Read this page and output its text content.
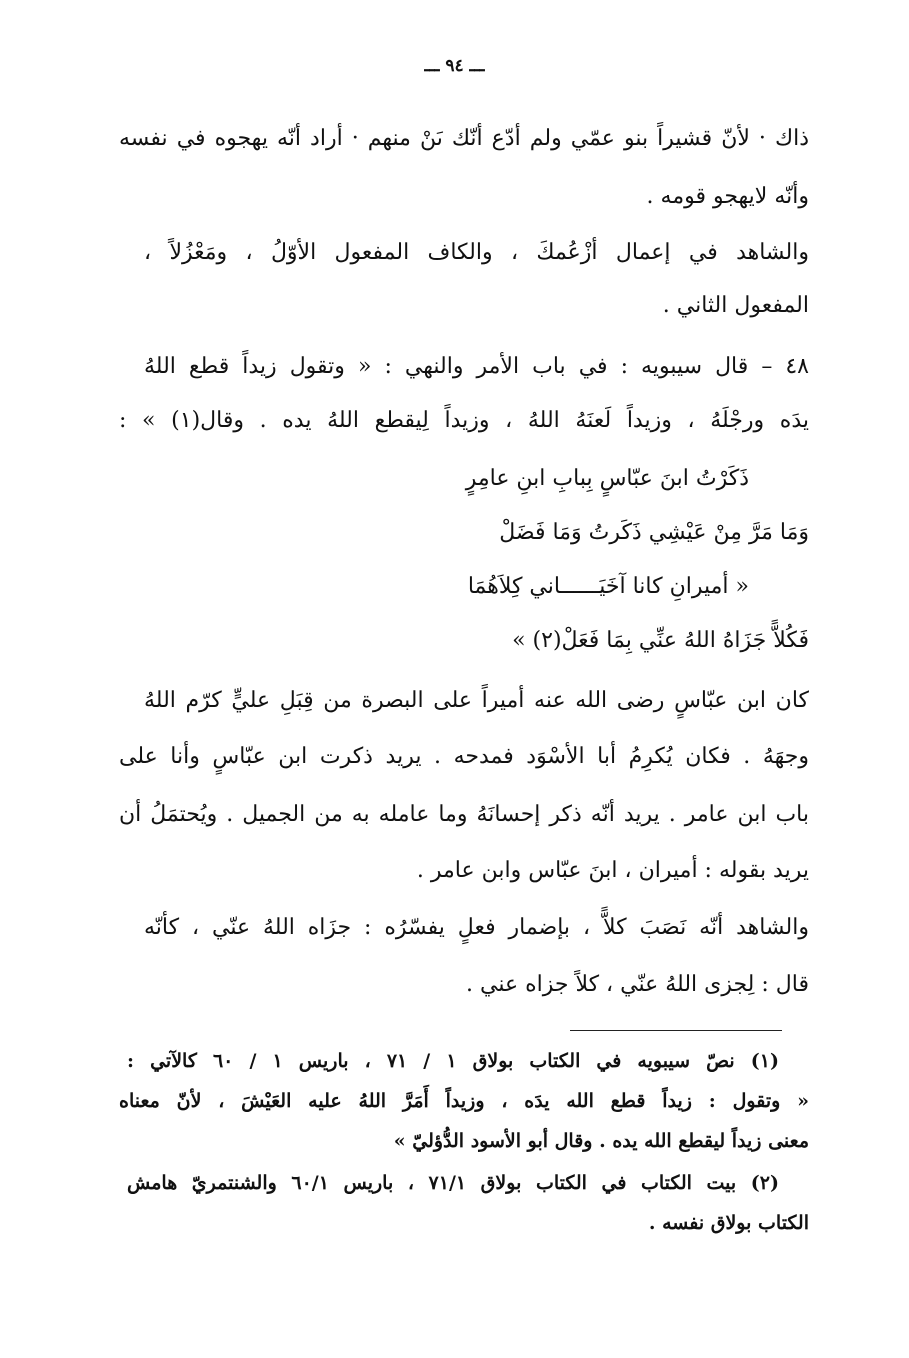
ـــ ٩٤ ـــ
ذاك · لأنّ قشيراً بنو عمّي ولم أدّع أنّك ىَنْ منهم · أراد أنّه يهجوه في نفسه
وأنّه لايهجو قومه .
والشاهد في إعمال أزْعُمكَ ، والكاف المفعول الأوّلُ ، ومَعْزُلاً ،
المفعول الثاني .
٤٨ – قال سيبويه : في باب الأمر والنهي : « وتقول زيداً قطع اللهُ
يدَه ورجْلَهُ ، وزيداً لَعنَهُ اللهُ ، وزيداً لِيقطع اللهُ يده . وقال(١) » :
ذَكَرْتُ ابنَ عبّاسٍ بِبابِ ابنِ عامِرٍ
وَمَا مَرَّ مِنْ عَيْشِي ذَكَرتُ وَمَا فَضَلْ
« أميرانِ كانا آخَيَــــــاني كِلاَهُمَا
فَكُلاًّ جَزَاهُ اللهُ عنِّي بِمَا فَعَلْ(٢) »
كان ابن عبّاسٍ رضى الله عنه أميراً على البصرة من قِبَلِ عليٍّ كرّم اللهُ
وجهَهُ . فكان يُكرِمُ أبا الأسْوَد فمدحه . يريد ذكرت ابن عبّاسٍ وأنا على
باب ابن عامر . يريد أنّه ذكر إحسانَهُ وما عامله به من الجميل . ويُحتمَلُ أن
يريد بقوله : أميران ، ابنَ عبّاس وابن عامر .
والشاهد أنّه نَصَبَ كلاًّ ، بإضمار فعلٍ يفسّرُه : جزَاه اللهُ عنّي ، كأنّه
قال : لِجزى اللهُ عنّي ، كلاً جزاه عني .
(١) نصّ سيبويه في الكتاب بولاق ١ / ٧١ ، باريس ١ / ٦٠ كالآتي :
« وتقول : زيداً قطع الله يدَه ، وزيداً أَمَرَّ اللهُ عليه العَيْشَ ، لأنّ معناه
معنى زيداً ليقطع الله يده . وقال أبو الأسود الدُّؤليّ »
(٢) بيت الكتاب في الكتاب بولاق ٧١/١ ، باريس ٦٠/١ والشنتمريّ هامش
الكتاب بولاق نفسه .
